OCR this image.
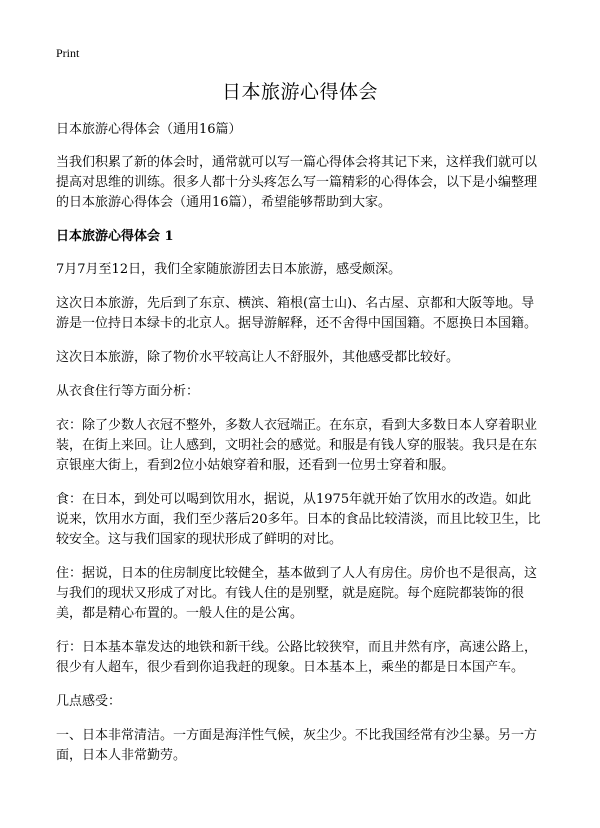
Print
日本旅游心得体会

日本旅游心得体会（通用16篇）

当我们积累了新的体会时，通常就可以写一篇心得体会将其记下来，这样我们就可以提高对思维的训练。很多人都十分头疼怎么写一篇精彩的心得体会，以下是小编整理的日本旅游心得体会（通用16篇），希望能够帮助到大家。

日本旅游心得体会 1

7月7月至12日，我们全家随旅游团去日本旅游，感受颇深。

这次日本旅游，先后到了东京、横滨、箱根(富士山)、名古屋、京都和大阪等地。导游是一位持日本绿卡的北京人。据导游解释，还不舍得中国国籍。不愿换日本国籍。

这次日本旅游，除了物价水平较高让人不舒服外，其他感受都比较好。

从衣食住行等方面分析：

衣：除了少数人衣冠不整外，多数人衣冠端正。在东京，看到大多数日本人穿着职业装，在街上来回。让人感到，文明社会的感觉。和服是有钱人穿的服装。我只是在东京银座大街上，看到2位小姑娘穿着和服，还看到一位男士穿着和服。

食：在日本，到处可以喝到饮用水，据说，从1975年就开始了饮用水的改造。如此说来，饮用水方面，我们至少落后20多年。日本的食品比较清淡，而且比较卫生，比较安全。这与我们国家的现状形成了鲜明的对比。

住：据说，日本的住房制度比较健全，基本做到了人人有房住。房价也不是很高，这与我们的现状又形成了对比。有钱人住的是别墅，就是庭院。每个庭院都装饰的很美，都是精心布置的。一般人住的是公寓。

行：日本基本靠发达的地铁和新干线。公路比较狭窄，而且井然有序，高速公路上，很少有人超车，很少看到你追我赶的现象。日本基本上，乘坐的都是日本国产车。

几点感受：

一、日本非常清洁。一方面是海洋性气候，灰尘少。不比我国经常有沙尘暴。另一方面，日本人非常勤劳。
